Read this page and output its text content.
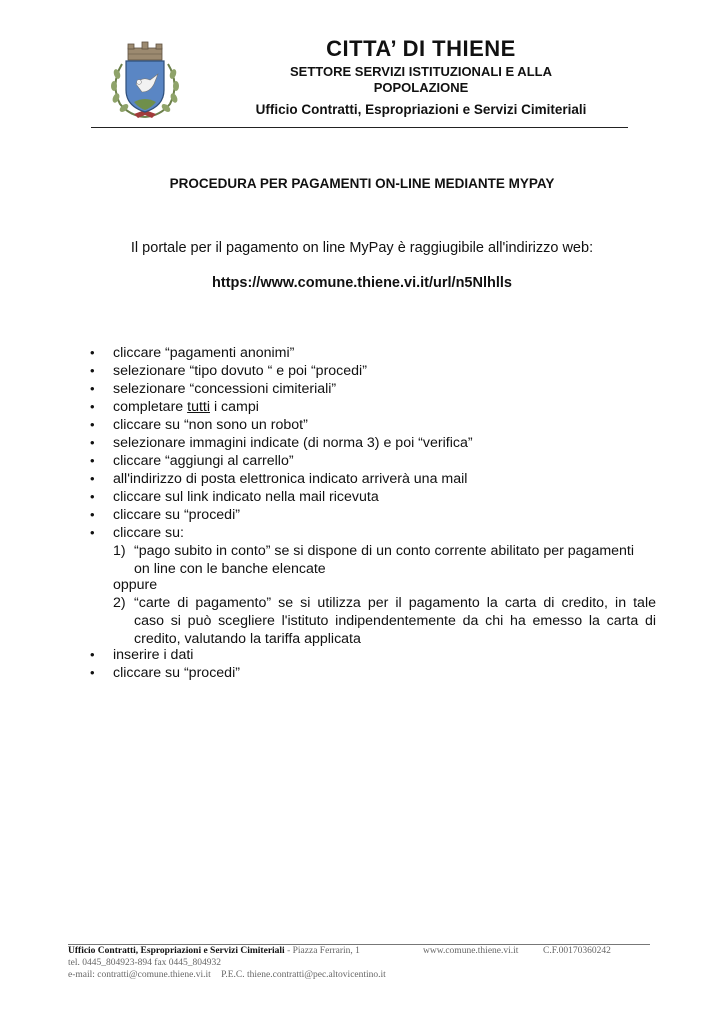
CITTA’ DI THIENE
SETTORE SERVIZI ISTITUZIONALI E ALLA
POPOLAZIONE
Ufficio Contratti, Espropriazioni e Servizi Cimiteriali
PROCEDURA PER PAGAMENTI ON-LINE MEDIANTE MYPAY
Il portale per il pagamento on line MyPay è raggiugibile all'indirizzo web:
https://www.comune.thiene.vi.it/url/n5Nlhlls
• cliccare “pagamenti anonimi”
• selezionare “tipo dovuto “ e poi “procedi”
• selezionare “concessioni cimiteriali”
• completare tutti i campi
• cliccare su “non sono un robot”
• selezionare immagini indicate (di norma 3) e poi “verifica”
• cliccare “aggiungi al carrello”
• all'indirizzo di posta elettronica indicato arriverà una mail
• cliccare sul link indicato nella mail ricevuta
• cliccare su “procedi”
• cliccare su:
1) “pago subito in conto” se si dispone di un conto corrente abilitato per pagamenti
on line con le banche elencate
oppure
2) “carte di pagamento” se si utilizza per il pagamento la carta di credito, in tale
caso si può scegliere l'istituto indipendentemente da chi ha emesso la carta di
credito, valutando la tariffa applicata
• inserire i dati
• cliccare su “procedi”
Ufficio Contratti, Espropriazioni e Servizi Cimiteriali - Piazza Ferrarin, 1	www.comune.thiene.vi.it	C.F.00170360242
tel. 0445_804923-894 fax 0445_804932
e-mail: contratti@comune.thiene.vi.it P.E.C. thiene.contratti@pec.altovicentino.it
